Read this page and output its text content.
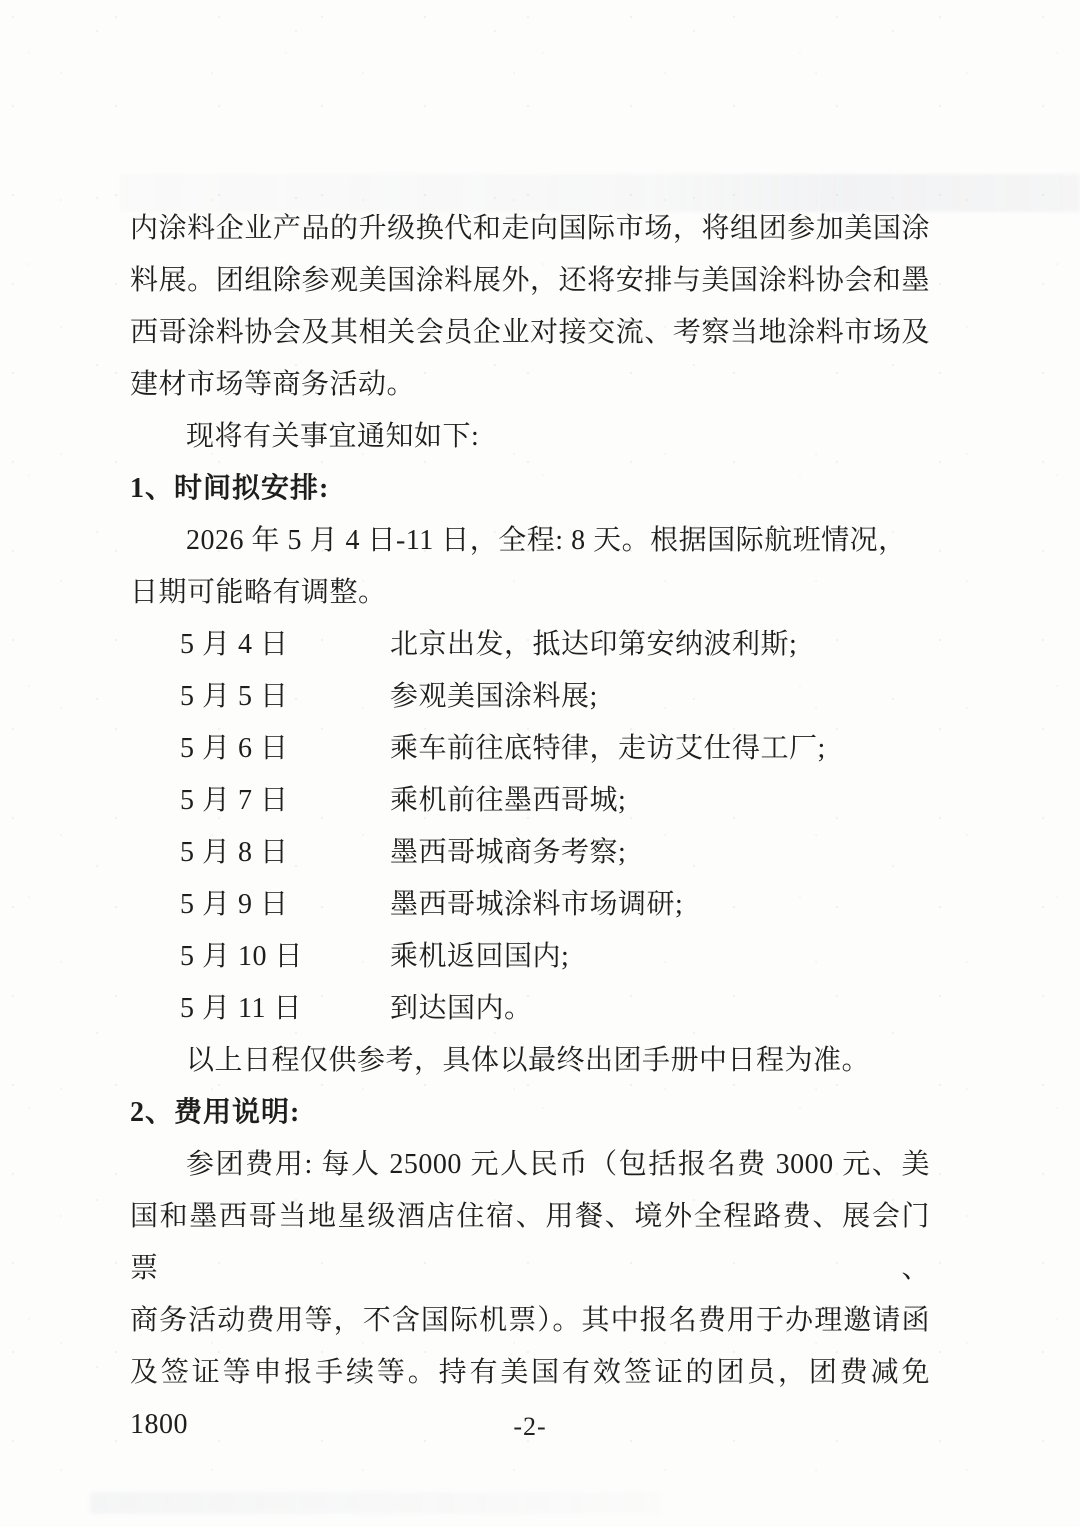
内涂料企业产品的升级换代和走向国际市场，将组团参加美国涂
料展。团组除参观美国涂料展外，还将安排与美国涂料协会和墨
西哥涂料协会及其相关会员企业对接交流、考察当地涂料市场及
建材市场等商务活动。
现将有关事宜通知如下:
1、时间拟安排:
2026 年 5 月 4 日-11 日，全程: 8 天。根据国际航班情况，
日期可能略有调整。
5 月 4 日	北京出发，抵达印第安纳波利斯;
5 月 5 日	参观美国涂料展;
5 月 6 日	乘车前往底特律，走访艾仕得工厂;
5 月 7 日	乘机前往墨西哥城;
5 月 8 日	墨西哥城商务考察;
5 月 9 日	墨西哥城涂料市场调研;
5 月 10 日	乘机返回国内;
5 月 11 日	到达国内。
以上日程仅供参考，具体以最终出团手册中日程为准。
2、费用说明:
参团费用: 每人 25000 元人民币（包括报名费 3000 元、美
国和墨西哥当地星级酒店住宿、用餐、境外全程路费、展会门票、
商务活动费用等，不含国际机票）。其中报名费用于办理邀请函
及签证等申报手续等。持有美国有效签证的团员，团费减免 1800	-2-
